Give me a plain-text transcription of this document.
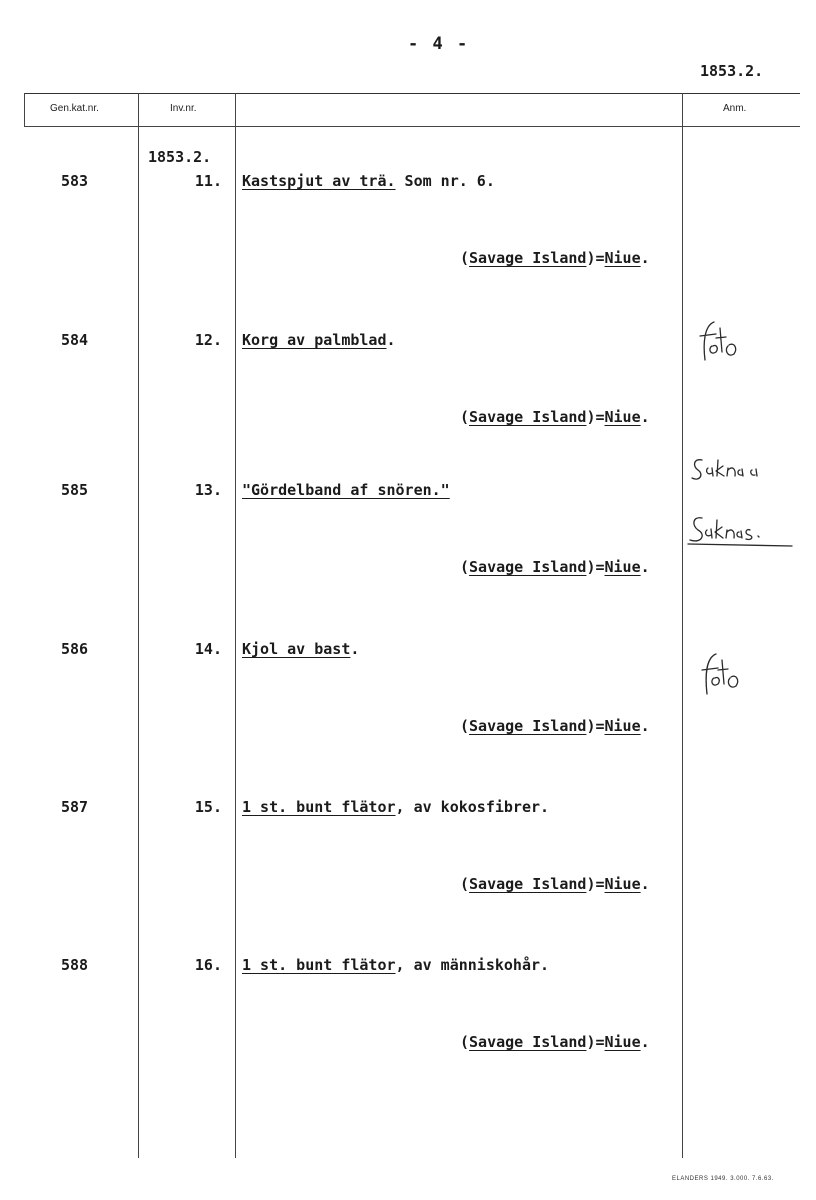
- 4 -
1853.2.
Gen.kat.nr.	Inv.nr.	Anm.
1853.2.
583	11. Kastspjut av trä. Som nr. 6.
(Savage Island)=Niue.
584	12. Korg av palmblad.
(Savage Island)=Niue.
585	13. "Gördelband af snören."
(Savage Island)=Niue.
586	14. Kjol av bast.
(Savage Island)=Niue.
587	15. 1 st. bunt flätor, av kokosfibrer.
(Savage Island)=Niue.
588	16. 1 st. bunt flätor, av människohår.
(Savage Island)=Niue.
ELANDERS 1949. 3.000. 7.6.63.
